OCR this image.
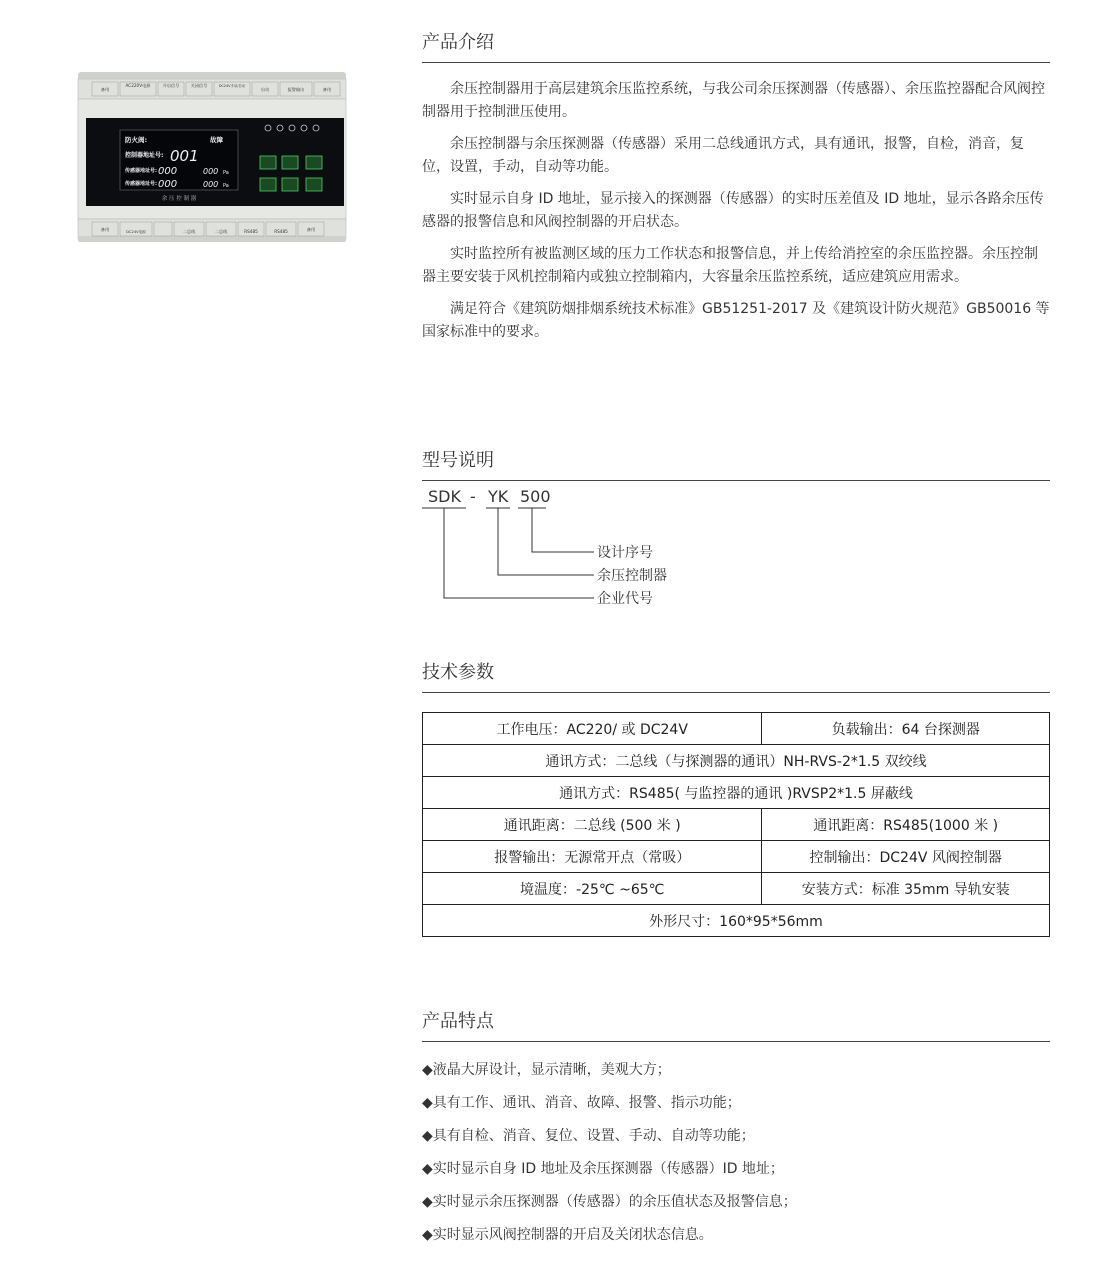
产品介绍

余压控制器用于高层建筑余压监控系统，与我公司余压探测器（传感器）、余压监控器配合风阀控制器用于控制泄压使用。

余压控制器与余压探测器（传感器）采用二总线通讯方式，具有通讯，报警，自检，消音，复位，设置，手动，自动等功能。

实时显示自身 ID 地址，显示接入的探测器（传感器）的实时压差值及 ID 地址，显示各路余压传感器的报警信息和风阀控制器的开启状态。

实时监控所有被监测区域的压力工作状态和报警信息，并上传给消控室的余压监控器。余压控制器主要安装于风机控制箱内或独立控制箱内，大容量余压监控系统，适应建筑应用需求。

满足符合《建筑防烟排烟系统技术标准》GB51251-2017 及《建筑设计防火规范》GB50016 等国家标准中的要求。

备用
AC220V电源	开启信号	关闭信号	DC24V手动/自动
启动	报警输出	备用
防火阀:	故障
控制器地址号: 001
传感器地址号: 000	000 Pa
传感器地址号: 000	000 Pa
余 压 控 制 器
备用	DC24V电源	二总线	二总线	RS485	RS485	备用
型号说明
SDK - YK 500
设计序号
余压控制器
企业代号
技术参数
工作电压：AC220/ 或 DC24V	负载输出：64 台探测器
通讯方式：二总线（与探测器的通讯）NH-RVS-2*1.5 双绞线	
通讯方式：RS485( 与监控器的通讯 )RVSP2*1.5 屏蔽线	
通讯距离：二总线 (500 米 )	通讯距离：RS485(1000 米 )
报警输出：无源常开点（常吸）	控制输出：DC24V 风阀控制器
境温度：-25℃ ~65℃	安装方式：标准 35mm 导轨安装
外形尺寸：160*95*56mm	
产品特点
◆液晶大屏设计，显示清晰，美观大方；
◆具有工作、通讯、消音、故障、报警、指示功能；
◆具有自检、消音、复位、设置、手动、自动等功能；
◆实时显示自身 ID 地址及余压探测器（传感器）ID 地址；
◆实时显示余压探测器（传感器）的余压值状态及报警信息；
◆实时显示风阀控制器的开启及关闭状态信息。
